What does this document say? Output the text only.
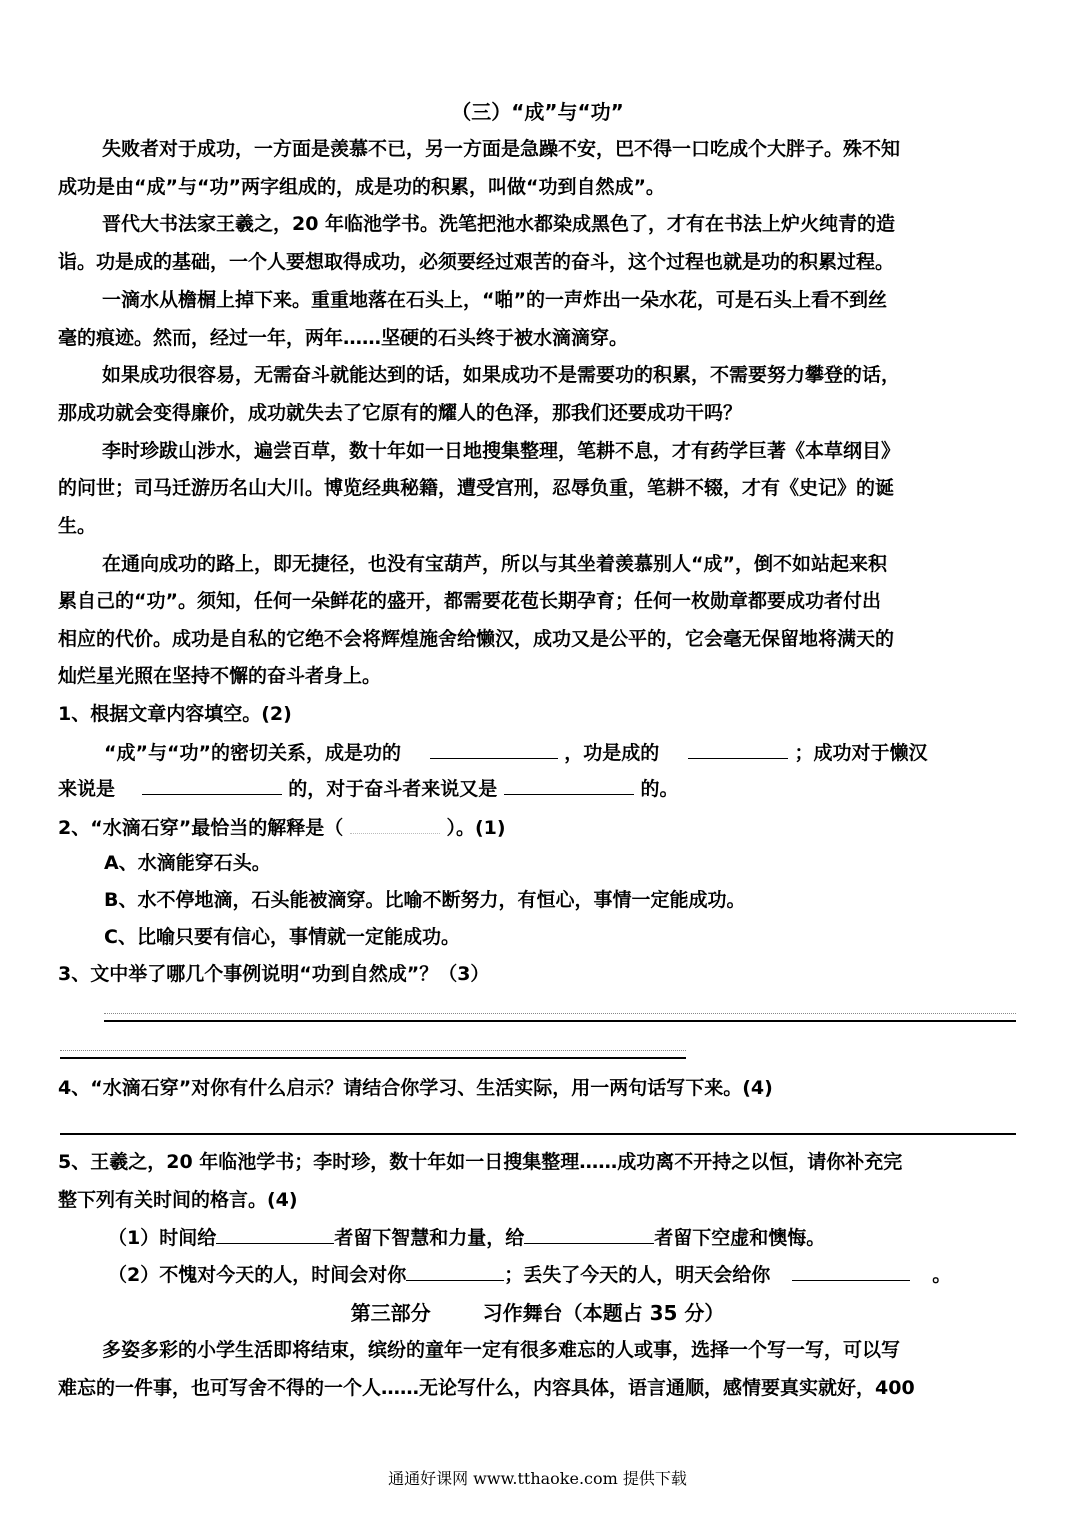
（三）“成”与“功”
失败者对于成功，一方面是羡慕不已，另一方面是急躁不安，巴不得一口吃成个大胖子。殊不知
成功是由“成”与“功”两字组成的，成是功的积累，叫做“功到自然成”。
晋代大书法家王羲之，20 年临池学书。洗笔把池水都染成黑色了，才有在书法上炉火纯青的造
诣。功是成的基础，一个人要想取得成功，必须要经过艰苦的奋斗，这个过程也就是功的积累过程。
一滴水从檐榍上掉下来。重重地落在石头上，“啪”的一声炸出一朵水花，可是石头上看不到丝
毫的痕迹。然而，经过一年，两年……坚硬的石头终于被水滴滴穿。
如果成功很容易，无需奋斗就能达到的话，如果成功不是需要功的积累，不需要努力攀登的话，
那成功就会变得廉价，成功就失去了它原有的耀人的色泽，那我们还要成功干吗？
李时珍跋山涉水，遍尝百草，数十年如一日地搜集整理，笔耕不息，才有药学巨著《本草纲目》
的问世；司马迁游历名山大川。博览经典秘籍，遭受宫刑，忍辱负重，笔耕不辍，才有《史记》的诞
生。
在通向成功的路上，即无捷径，也没有宝葫芦，所以与其坐着羡慕别人“成”，倒不如站起来积
累自己的“功”。须知，任何一朵鲜花的盛开，都需要花苞长期孕育；任何一枚勋章都要成功者付出
相应的代价。成功是自私的它绝不会将辉煌施舍给懒汉，成功又是公平的，它会毫无保留地将满天的
灿烂星光照在坚持不懈的奋斗者身上。
1、根据文章内容填空。(2)
“成”与“功”的密切关系，成是功的	，功是成的	；成功对于懒汉
来说是	的，对于奋斗者来说又是	的。
2、“水滴石穿”最恰当的解释是（	）。(1)
A、水滴能穿石头。
B、水不停地滴，石头能被滴穿。比喻不断努力，有恒心，事情一定能成功。
C、比喻只要有信心，事情就一定能成功。
3、文中举了哪几个事例说明“功到自然成”？（3）
4、“水滴石穿”对你有什么启示？请结合你学习、生活实际，用一两句话写下来。(4)
5、王羲之，20 年临池学书；李时珍，数十年如一日搜集整理……成功离不开持之以恒，请你补充完
整下列有关时间的格言。(4)
（1）时间给	者留下智慧和力量，给	者留下空虚和懊悔。
（2）不愧对今天的人，时间会对你	；丢失了今天的人，明天会给你	。
第三部分	习作舞台（本题占 35 分）
多姿多彩的小学生活即将结束，缤纷的童年一定有很多难忘的人或事，选择一个写一写，可以写
难忘的一件事，也可写舍不得的一个人……无论写什么，内容具体，语言通顺，感情要真实就好，400
通通好课网 www.tthaoke.com 提供下载
